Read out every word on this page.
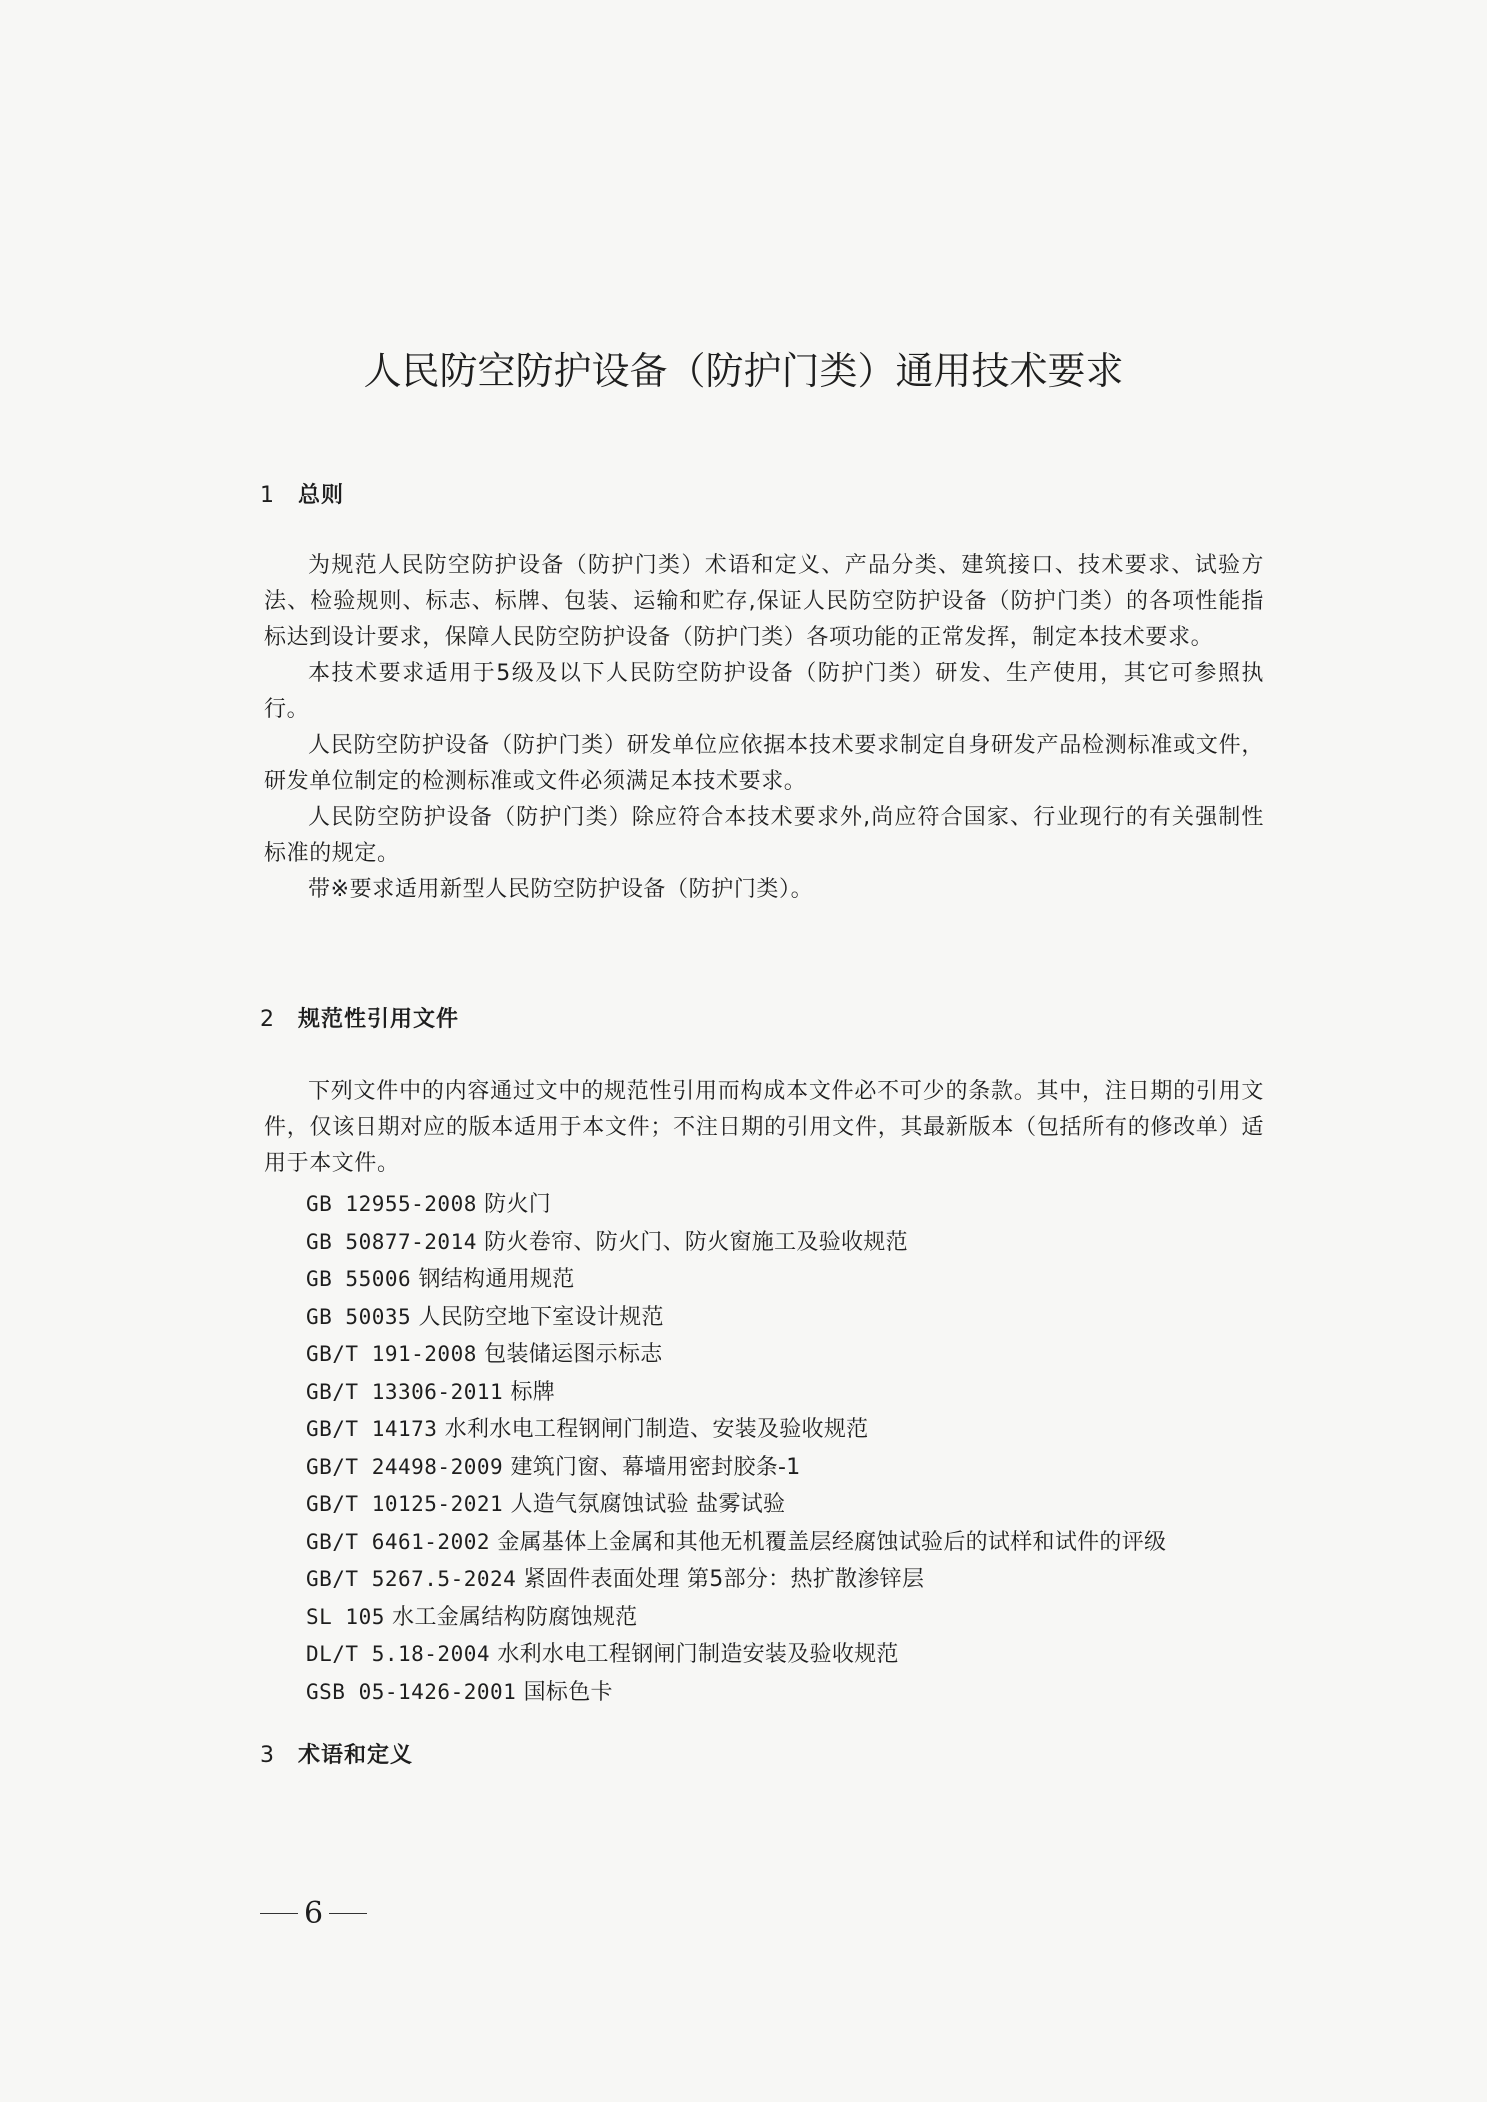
人民防空防护设备（防护门类）通用技术要求
1 总则

为规范人民防空防护设备（防护门类）术语和定义、产品分类、建筑接口、技术要求、试验方法、检验规则、标志、标牌、包装、运输和贮存,保证人民防空防护设备（防护门类）的各项性能指标达到设计要求，保障人民防空防护设备（防护门类）各项功能的正常发挥，制定本技术要求。

本技术要求适用于5级及以下人民防空防护设备（防护门类）研发、生产使用，其它可参照执行。

人民防空防护设备（防护门类）研发单位应依据本技术要求制定自身研发产品检测标准或文件，研发单位制定的检测标准或文件必须满足本技术要求。

人民防空防护设备（防护门类）除应符合本技术要求外,尚应符合国家、行业现行的有关强制性标准的规定。

带※要求适用新型人民防空防护设备（防护门类）。

2 规范性引用文件

下列文件中的内容通过文中的规范性引用而构成本文件必不可少的条款。其中，注日期的引用文件，仅该日期对应的版本适用于本文件；不注日期的引用文件，其最新版本（包括所有的修改单）适用于本文件。

GB 12955-2008 防火门
GB 50877-2014 防火卷帘、防火门、防火窗施工及验收规范
GB 55006 钢结构通用规范
GB 50035 人民防空地下室设计规范
GB/T 191-2008 包装储运图示标志
GB/T 13306-2011 标牌
GB/T 14173 水利水电工程钢闸门制造、安装及验收规范
GB/T 24498-2009 建筑门窗、幕墙用密封胶条-1
GB/T 10125-2021 人造气氛腐蚀试验 盐雾试验
GB/T 6461-2002 金属基体上金属和其他无机覆盖层经腐蚀试验后的试样和试件的评级
GB/T 5267.5-2024 紧固件表面处理 第5部分：热扩散渗锌层
SL 105 水工金属结构防腐蚀规范
DL/T 5.18-2004 水利水电工程钢闸门制造安装及验收规范
GSB 05-1426-2001 国标色卡
3 术语和定义
6
